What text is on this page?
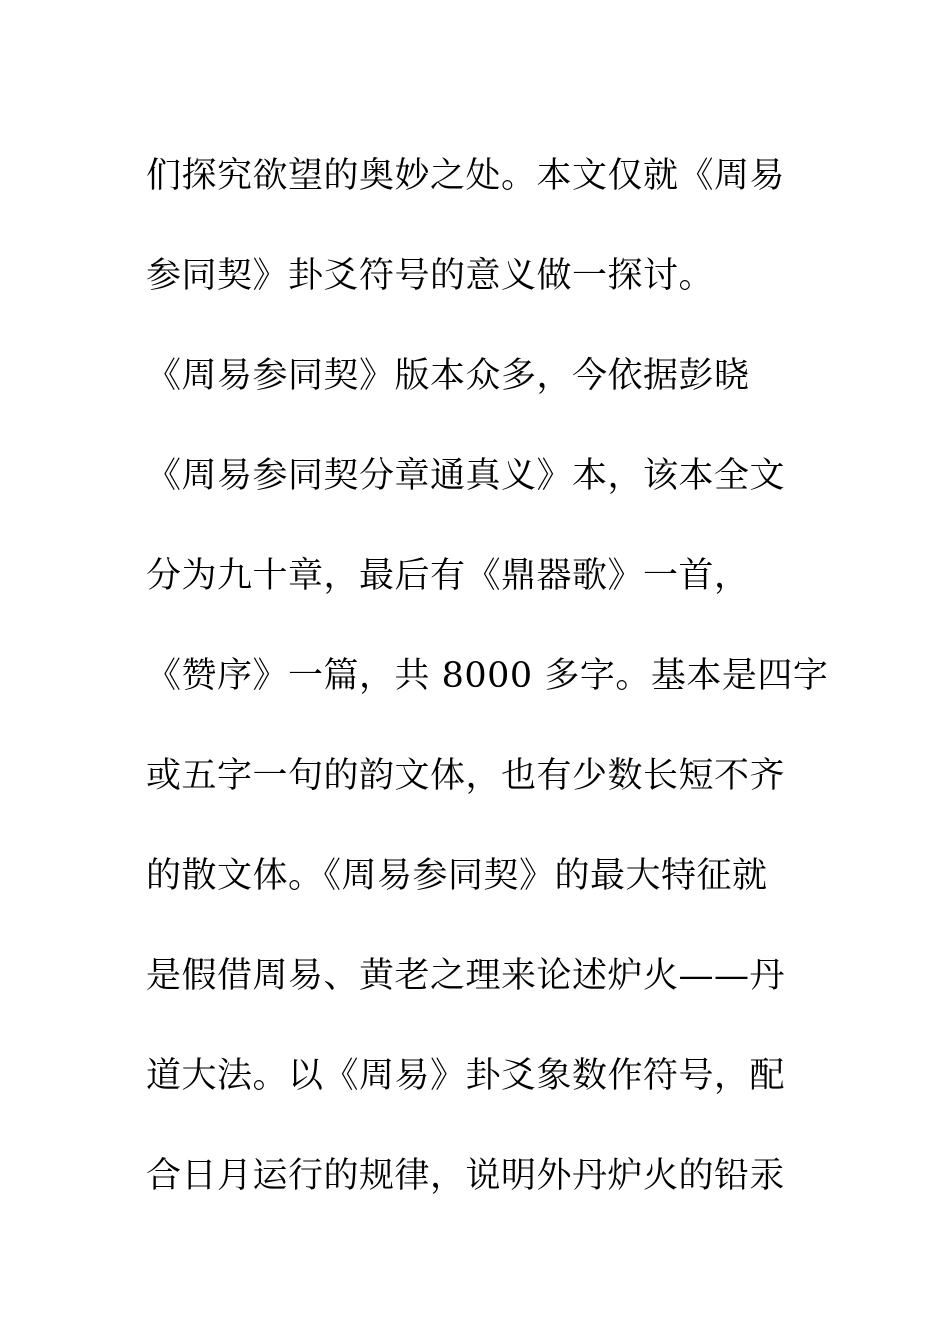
们探究欲望的奥妙之处。本文仅就《周易
参同契》卦爻符号的意义做一探讨。
《周易参同契》版本众多，今依据彭晓
《周易参同契分章通真义》本，该本全文
分为九十章，最后有《鼎器歌》一首，
《赞序》一篇，共 8000 多字。基本是四字
或五字一句的韵文体，也有少数长短不齐
的散文体。《周易参同契》的最大特征就
是假借周易、黄老之理来论述炉火——丹
道大法。以《周易》卦爻象数作符号，配
合日月运行的规律，说明外丹炉火的铅汞
